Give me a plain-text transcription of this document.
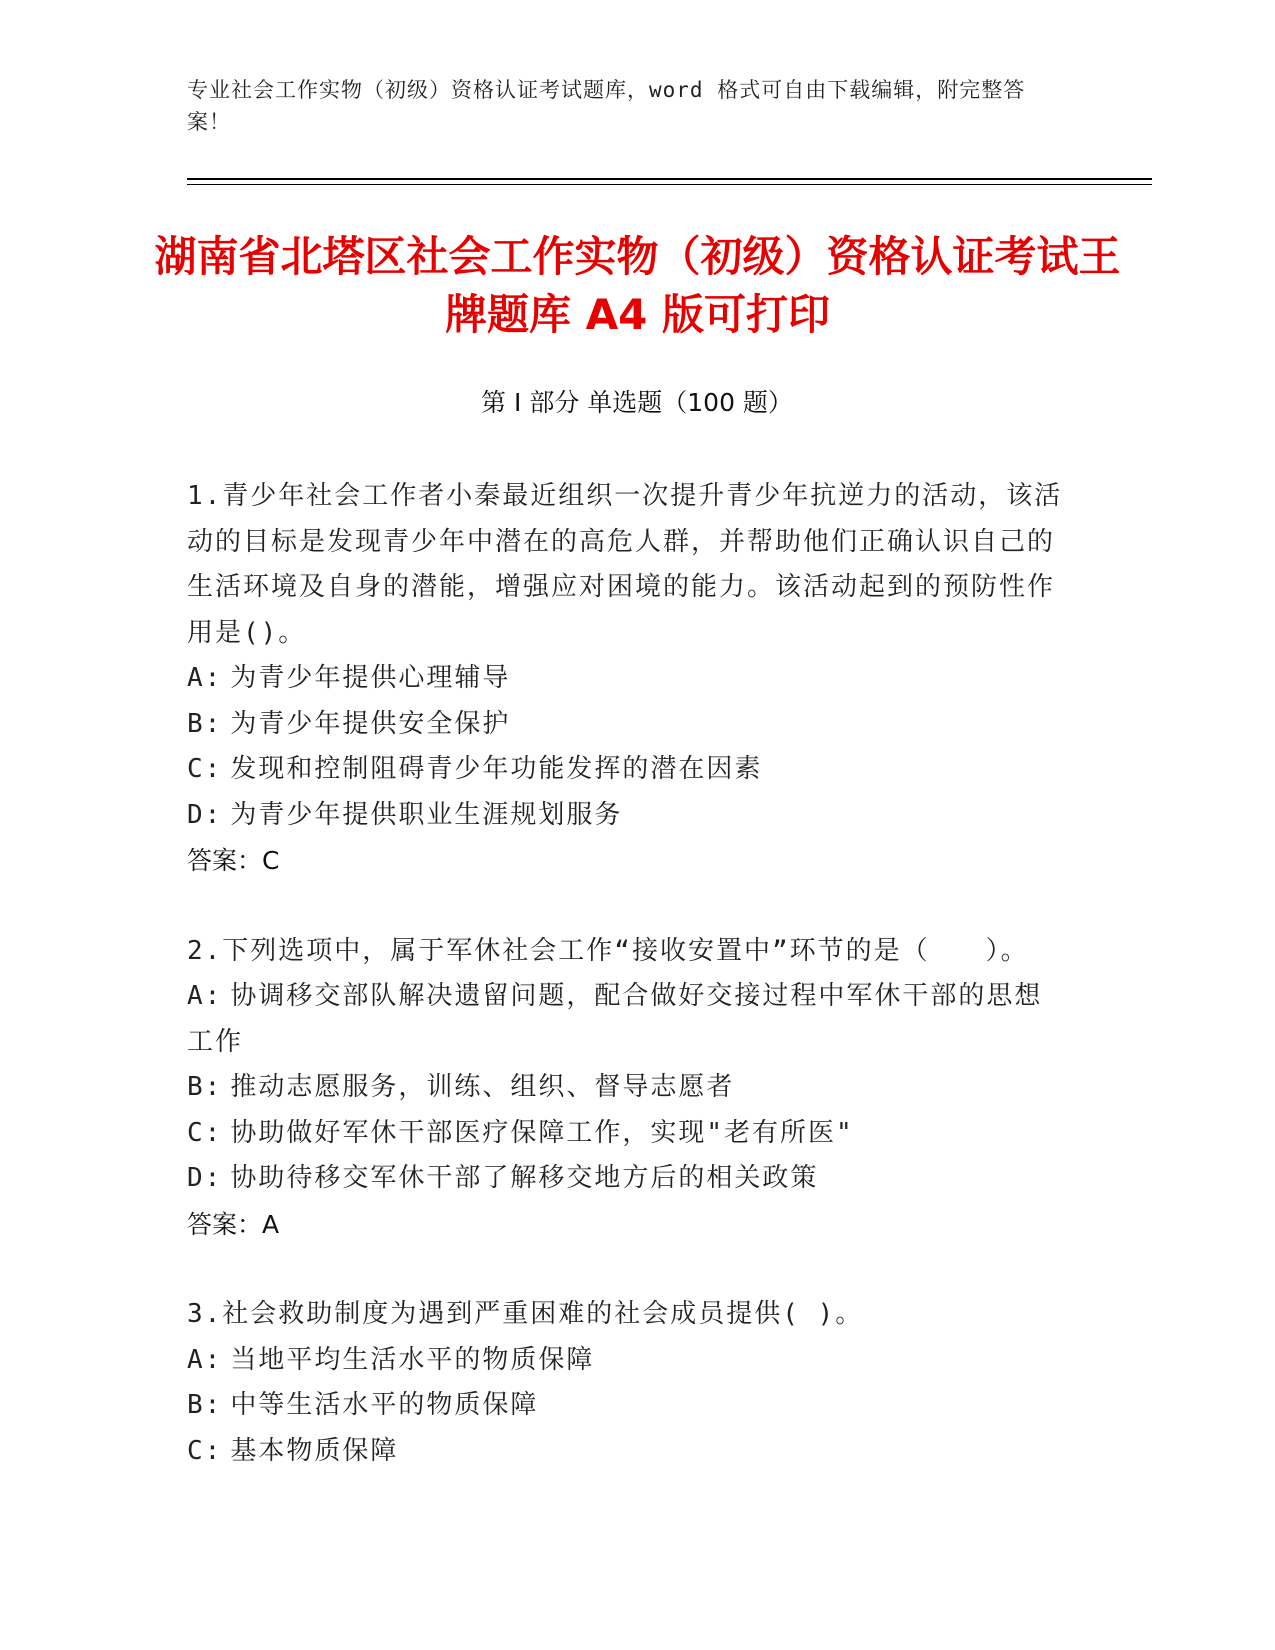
专业社会工作实物（初级）资格认证考试题库，word 格式可自由下载编辑，附完整答案！
湖南省北塔区社会工作实物（初级）资格认证考试王牌题库 A4 版可打印
第 I 部分 单选题（100 题）

1.青少年社会工作者小秦最近组织一次提升青少年抗逆力的活动，该活动的目标是发现青少年中潜在的高危人群，并帮助他们正确认识自己的生活环境及自身的潜能，增强应对困境的能力。该活动起到的预防性作用是()。

A: 为青少年提供心理辅导

B: 为青少年提供安全保护

C: 发现和控制阻碍青少年功能发挥的潜在因素

D: 为青少年提供职业生涯规划服务

答案：C

2.下列选项中，属于军休社会工作“接收安置中”环节的是（　　）。

A: 协调移交部队解决遗留问题，配合做好交接过程中军休干部的思想工作

B: 推动志愿服务，训练、组织、督导志愿者

C: 协助做好军休干部医疗保障工作，实现"老有所医"

D: 协助待移交军休干部了解移交地方后的相关政策

答案：A

3.社会救助制度为遇到严重困难的社会成员提供( )。

A: 当地平均生活水平的物质保障

B: 中等生活水平的物质保障

C: 基本物质保障
